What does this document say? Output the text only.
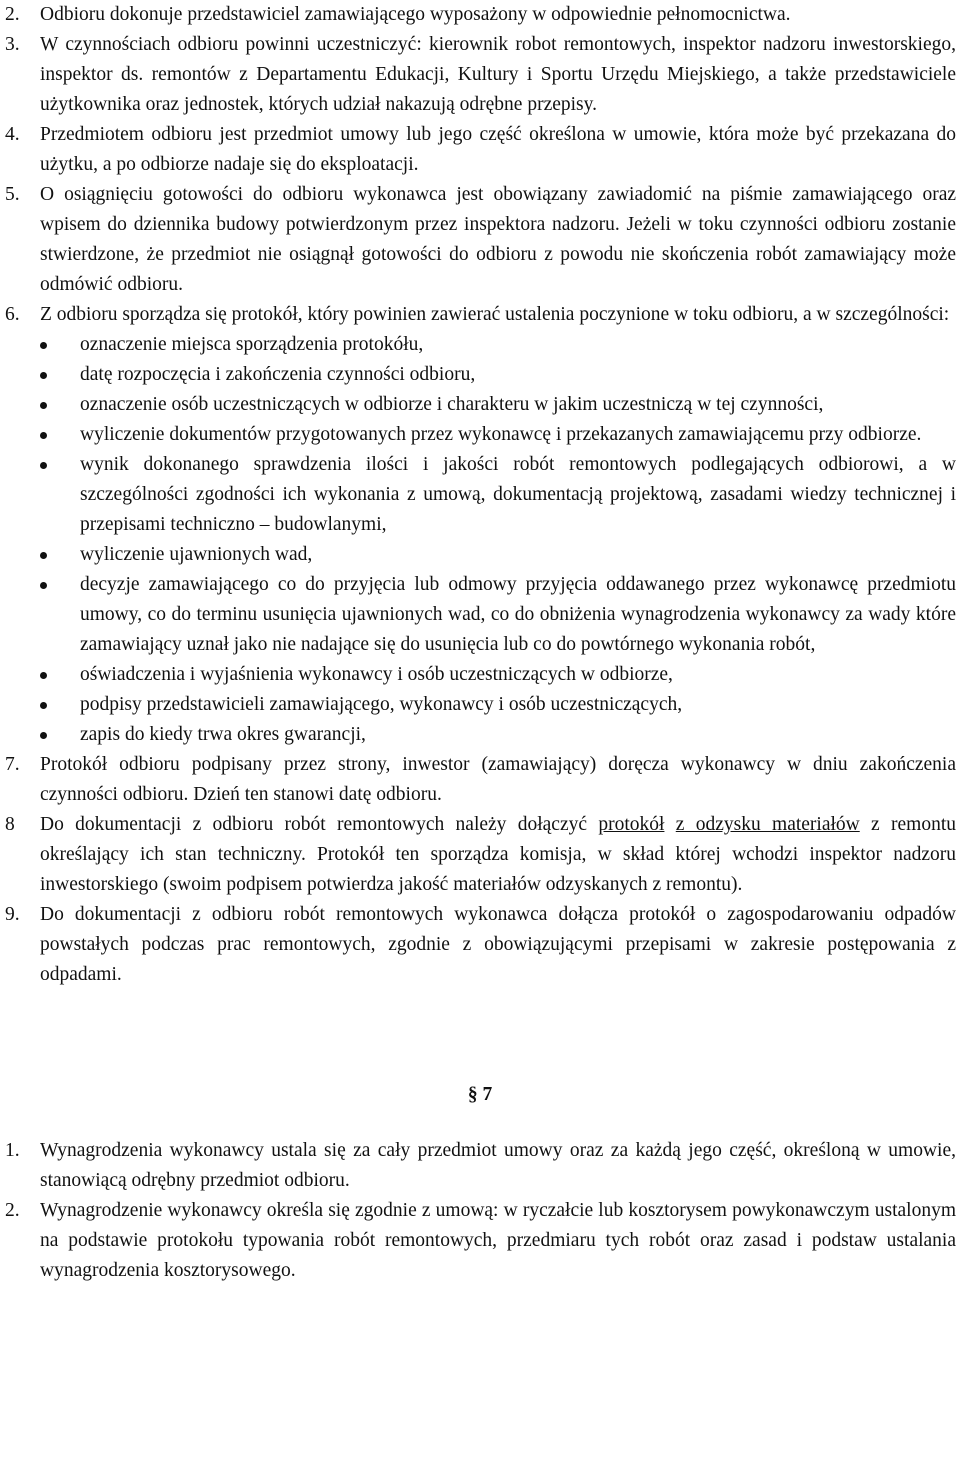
2. Odbioru dokonuje przedstawiciel zamawiającego wyposażony w odpowiednie pełnomocnictwa.
3. W czynnościach odbioru powinni uczestniczyć: kierownik robot remontowych, inspektor nadzoru inwestorskiego, inspektor ds. remontów z Departamentu Edukacji, Kultury i Sportu Urzędu Miejskiego, a także przedstawiciele użytkownika oraz jednostek, których udział nakazują odrębne przepisy.
4. Przedmiotem odbioru jest przedmiot umowy lub jego część określona w umowie, która może być przekazana do użytku, a po odbiorze nadaje się do eksploatacji.
5. O osiągnięciu gotowości do odbioru wykonawca jest obowiązany zawiadomić na piśmie zamawiającego oraz wpisem do dziennika budowy potwierdzonym przez inspektora nadzoru. Jeżeli w toku czynności odbioru zostanie stwierdzone, że przedmiot nie osiągnął gotowości do odbioru z powodu nie skończenia robót zamawiający może odmówić odbioru.
6. Z odbioru sporządza się protokół, który powinien zawierać ustalenia poczynione w toku odbioru, a w szczególności:
oznaczenie miejsca sporządzenia protokółu,
datę rozpoczęcia i zakończenia czynności odbioru,
oznaczenie osób uczestniczących w odbiorze i charakteru w jakim uczestniczą w tej czynności,
wyliczenie dokumentów przygotowanych przez wykonawcę i przekazanych zamawiającemu przy odbiorze.
wynik dokonanego sprawdzenia ilości i jakości robót remontowych podlegających odbiorowi, a w szczególności zgodności ich wykonania z umową, dokumentacją projektową, zasadami wiedzy technicznej i przepisami techniczno – budowlanymi,
wyliczenie ujawnionych wad,
decyzje zamawiającego co do przyjęcia lub odmowy przyjęcia oddawanego przez wykonawcę przedmiotu umowy, co do terminu usunięcia ujawnionych wad, co do obniżenia wynagrodzenia wykonawcy za wady które zamawiający uznał jako nie nadające się do usunięcia lub co do powtórnego wykonania robót,
oświadczenia i wyjaśnienia wykonawcy i osób uczestniczących w odbiorze,
podpisy przedstawicieli zamawiającego, wykonawcy i osób uczestniczących,
zapis do kiedy trwa okres gwarancji,
7. Protokół odbioru podpisany przez strony, inwestor (zamawiający) doręcza wykonawcy w dniu zakończenia czynności odbioru. Dzień ten stanowi datę odbioru.
8 Do dokumentacji z odbioru robót remontowych należy dołączyć protokół z odzysku materiałów z remontu określający ich stan techniczny. Protokół ten sporządza komisja, w skład której wchodzi inspektor nadzoru inwestorskiego (swoim podpisem potwierdza jakość materiałów odzyskanych z remontu).
9. Do dokumentacji z odbioru robót remontowych wykonawca dołącza protokół o zagospodarowaniu odpadów powstałych podczas prac remontowych, zgodnie z obowiązującymi przepisami w zakresie postępowania z odpadami.
§ 7
1. Wynagrodzenia wykonawcy ustala się za cały przedmiot umowy oraz za każdą jego część, określoną w umowie, stanowiącą odrębny przedmiot odbioru.
2. Wynagrodzenie wykonawcy określa się zgodnie z umową: w ryczałcie lub kosztorysem powykonawczym ustalonym na podstawie protokołu typowania robót remontowych, przedmiaru tych robót oraz zasad i podstaw ustalania wynagrodzenia kosztorysowego.
